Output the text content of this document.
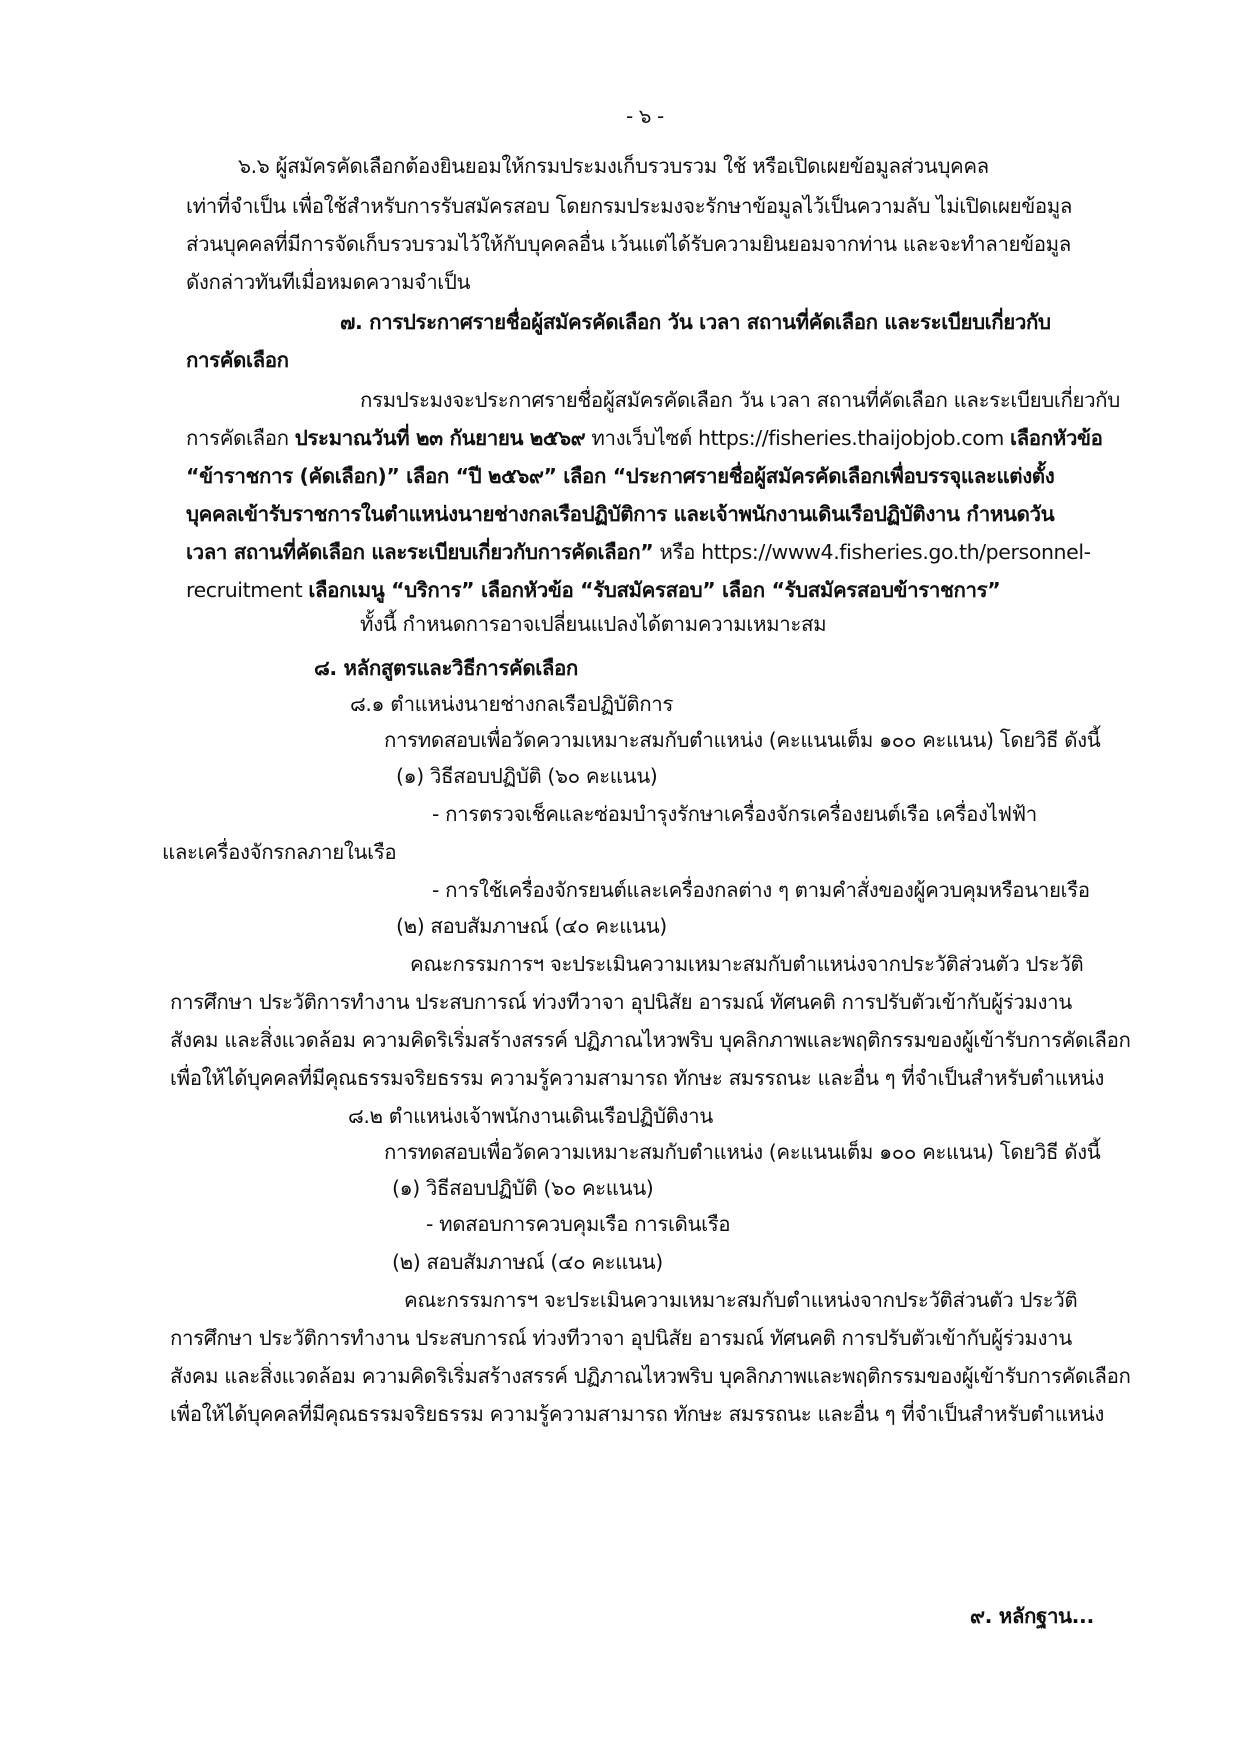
- ๖ -
๖.๖ ผู้สมัครคัดเลือกต้องยินยอมให้กรมประมงเก็บรวบรวม ใช้ หรือเปิดเผยข้อมูลส่วนบุคคล
เท่าที่จำเป็น เพื่อใช้สำหรับการรับสมัครสอบ โดยกรมประมงจะรักษาข้อมูลไว้เป็นความลับ ไม่เปิดเผยข้อมูล
ส่วนบุคคลที่มีการจัดเก็บรวบรวมไว้ให้กับบุคคลอื่น เว้นแต่ได้รับความยินยอมจากท่าน และจะทำลายข้อมูล
ดังกล่าวทันทีเมื่อหมดความจำเป็น
๗. การประกาศรายชื่อผู้สมัครคัดเลือก วัน เวลา สถานที่คัดเลือก และระเบียบเกี่ยวกับ
การคัดเลือก
กรมประมงจะประกาศรายชื่อผู้สมัครคัดเลือก วัน เวลา สถานที่คัดเลือก และระเบียบเกี่ยวกับ
การคัดเลือก ประมาณวันที่ ๒๓ กันยายน ๒๕๖๙ ทางเว็บไซต์ https://fisheries.thaijobjob.com เลือกหัวข้อ
“ข้าราชการ (คัดเลือก)” เลือก “ปี ๒๕๖๙” เลือก “ประกาศรายชื่อผู้สมัครคัดเลือกเพื่อบรรจุและแต่งตั้ง
บุคคลเข้ารับราชการในตำแหน่งนายช่างกลเรือปฏิบัติการ และเจ้าพนักงานเดินเรือปฏิบัติงาน กำหนดวัน
เวลา สถานที่คัดเลือก และระเบียบเกี่ยวกับการคัดเลือก” หรือ https://www4.fisheries.go.th/personnel-
recruitment เลือกเมนู “บริการ” เลือกหัวข้อ “รับสมัครสอบ” เลือก “รับสมัครสอบข้าราชการ”
ทั้งนี้ กำหนดการอาจเปลี่ยนแปลงได้ตามความเหมาะสม
๘. หลักสูตรและวิธีการคัดเลือก
๘.๑ ตำแหน่งนายช่างกลเรือปฏิบัติการ
การทดสอบเพื่อวัดความเหมาะสมกับตำแหน่ง (คะแนนเต็ม ๑๐๐ คะแนน) โดยวิธี ดังนี้
(๑) วิธีสอบปฏิบัติ (๖๐ คะแนน)
- การตรวจเช็คและซ่อมบำรุงรักษาเครื่องจักรเครื่องยนต์เรือ เครื่องไฟฟ้า
และเครื่องจักรกลภายในเรือ
- การใช้เครื่องจักรยนต์และเครื่องกลต่าง ๆ ตามคำสั่งของผู้ควบคุมหรือนายเรือ
(๒) สอบสัมภาษณ์ (๔๐ คะแนน)
คณะกรรมการฯ จะประเมินความเหมาะสมกับตำแหน่งจากประวัติส่วนตัว ประวัติ
การศึกษา ประวัติการทำงาน ประสบการณ์ ท่วงทีวาจา อุปนิสัย อารมณ์ ทัศนคติ การปรับตัวเข้ากับผู้ร่วมงาน
สังคม และสิ่งแวดล้อม ความคิดริเริ่มสร้างสรรค์ ปฏิภาณไหวพริบ บุคลิกภาพและพฤติกรรมของผู้เข้ารับการคัดเลือก
เพื่อให้ได้บุคคลที่มีคุณธรรมจริยธรรม ความรู้ความสามารถ ทักษะ สมรรถนะ และอื่น ๆ ที่จำเป็นสำหรับตำแหน่ง
๘.๒ ตำแหน่งเจ้าพนักงานเดินเรือปฏิบัติงาน
การทดสอบเพื่อวัดความเหมาะสมกับตำแหน่ง (คะแนนเต็ม ๑๐๐ คะแนน) โดยวิธี ดังนี้
(๑) วิธีสอบปฏิบัติ (๖๐ คะแนน)
- ทดสอบการควบคุมเรือ การเดินเรือ
(๒) สอบสัมภาษณ์ (๔๐ คะแนน)
คณะกรรมการฯ จะประเมินความเหมาะสมกับตำแหน่งจากประวัติส่วนตัว ประวัติ
การศึกษา ประวัติการทำงาน ประสบการณ์ ท่วงทีวาจา อุปนิสัย อารมณ์ ทัศนคติ การปรับตัวเข้ากับผู้ร่วมงาน
สังคม และสิ่งแวดล้อม ความคิดริเริ่มสร้างสรรค์ ปฏิภาณไหวพริบ บุคลิกภาพและพฤติกรรมของผู้เข้ารับการคัดเลือก
เพื่อให้ได้บุคคลที่มีคุณธรรมจริยธรรม ความรู้ความสามารถ ทักษะ สมรรถนะ และอื่น ๆ ที่จำเป็นสำหรับตำแหน่ง
๙. หลักฐาน...
